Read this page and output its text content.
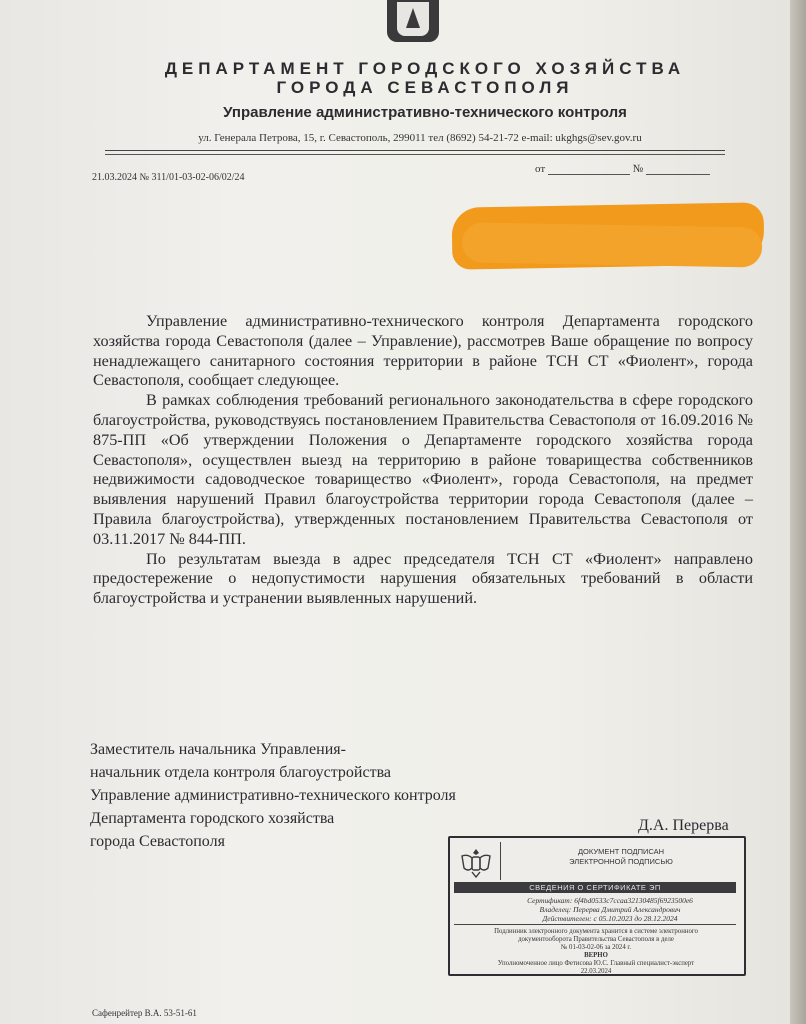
ДЕПАРТАМЕНТ ГОРОДСКОГО ХОЗЯЙСТВА
ГОРОДА СЕВАСТОПОЛЯ
Управление административно-технического контроля
ул. Генерала Петрова, 15, г. Севастополь, 299011 тел (8692) 54-21-72 e-mail: ukghgs@sev.gov.ru
21.03.2024 № 311/01-03-02-06/02/24
от	№

Управление административно-технического контроля Департамента городского хозяйства города Севастополя (далее – Управление), рассмотрев Ваше обращение по вопросу ненадлежащего санитарного состояния территории в районе ТСН СТ «Фиолент», города Севастополя, сообщает следующее.

В рамках соблюдения требований регионального законодательства в сфере городского благоустройства, руководствуясь постановлением Правительства Севастополя от 16.09.2016 № 875-ПП «Об утверждении Положения о Департаменте городского хозяйства города Севастополя», осуществлен выезд на территорию в районе товарищества собственников недвижимости садоводческое товарищество «Фиолент», города Севастополя, на предмет выявления нарушений Правил благоустройства территории города Севастополя (далее – Правила благоустройства), утвержденных постановлением Правительства Севастополя от 03.11.2017 № 844-ПП.

По результатам выезда в адрес председателя ТСН СТ «Фиолент» направлено предостережение о недопустимости нарушения обязательных требований в области благоустройства и устранении выявленных нарушений.

Заместитель начальника Управления-
начальник отдела контроля благоустройства
Управление административно-технического контроля
Департамента городского хозяйства
города Севастополя
Д.А. Перерва
ДОКУМЕНТ ПОДПИСАН
ЭЛЕКТРОННОЙ ПОДПИСЬЮ
СВЕДЕНИЯ О СЕРТИФИКАТЕ ЭП
Сертификат: 6f4bd0533c7ccaa32130485f6923500e6
Владелец: Перерва Дмитрий Александрович
Действителен: с 05.10.2023 до 28.12.2024
Подлинник электронного документа хранится в системе электронного
документооборота Правительства Севастополя в деле
№ 01-03-02-06 за 2024 г.
ВЕРНО
Уполномоченное лицо Фетисова Ю.С. Главный специалист-эксперт
22.03.2024
Сафенрейтер В.А. 53-51-61
